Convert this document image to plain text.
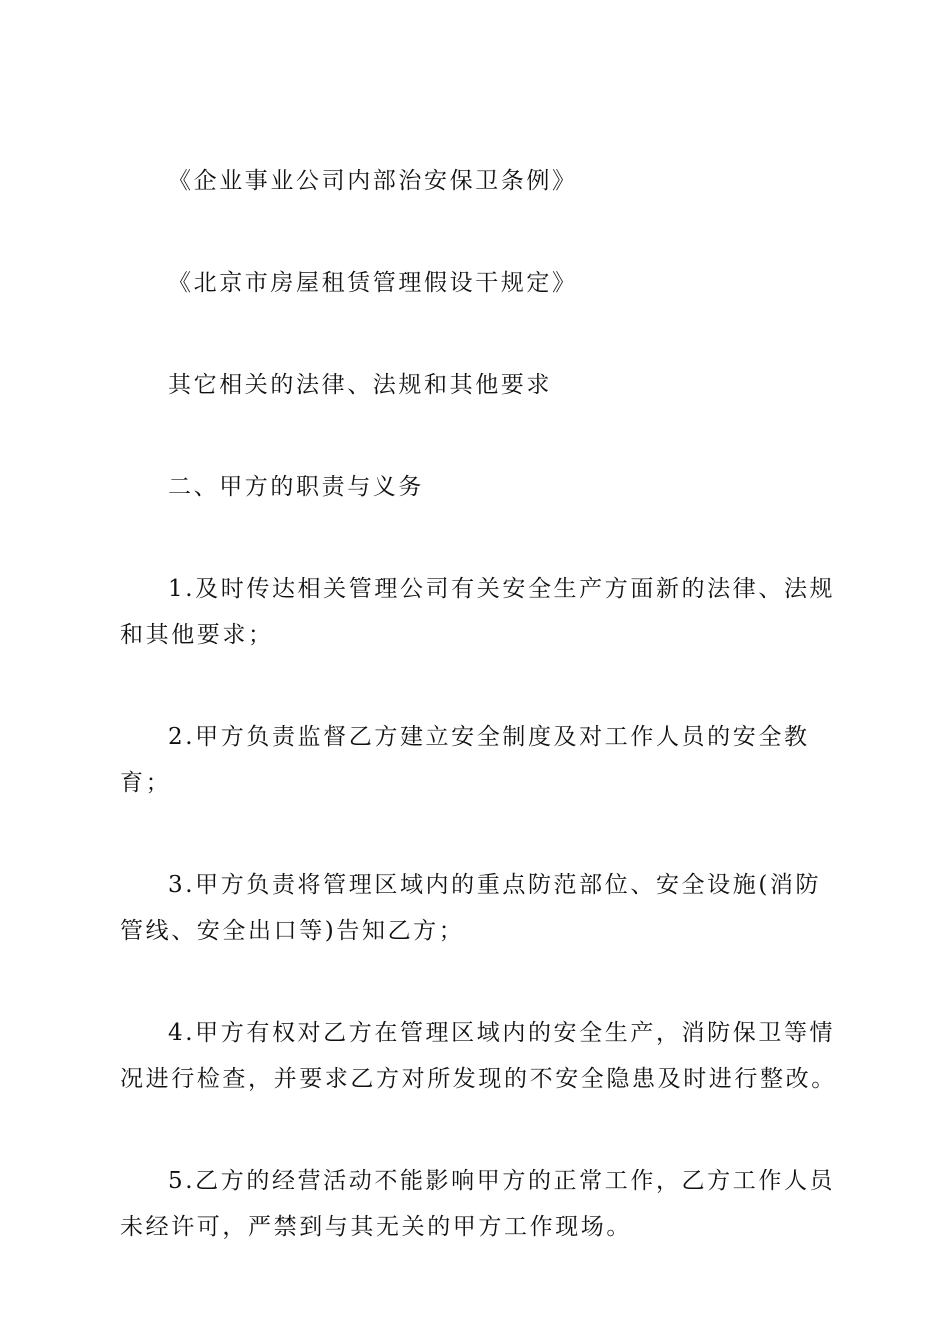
《企业事业公司内部治安保卫条例》

《北京市房屋租赁管理假设干规定》

其它相关的法律、法规和其他要求

二、甲方的职责与义务

1.及时传达相关管理公司有关安全生产方面新的法律、法规和其他要求；

2.甲方负责监督乙方建立安全制度及对工作人员的安全教育；

3.甲方负责将管理区域内的重点防范部位、安全设施(消防管线、安全出口等)告知乙方；

4.甲方有权对乙方在管理区域内的安全生产，消防保卫等情况进行检查，并要求乙方对所发现的不安全隐患及时进行整改。

5.乙方的经营活动不能影响甲方的正常工作，乙方工作人员未经许可，严禁到与其无关的甲方工作现场。
